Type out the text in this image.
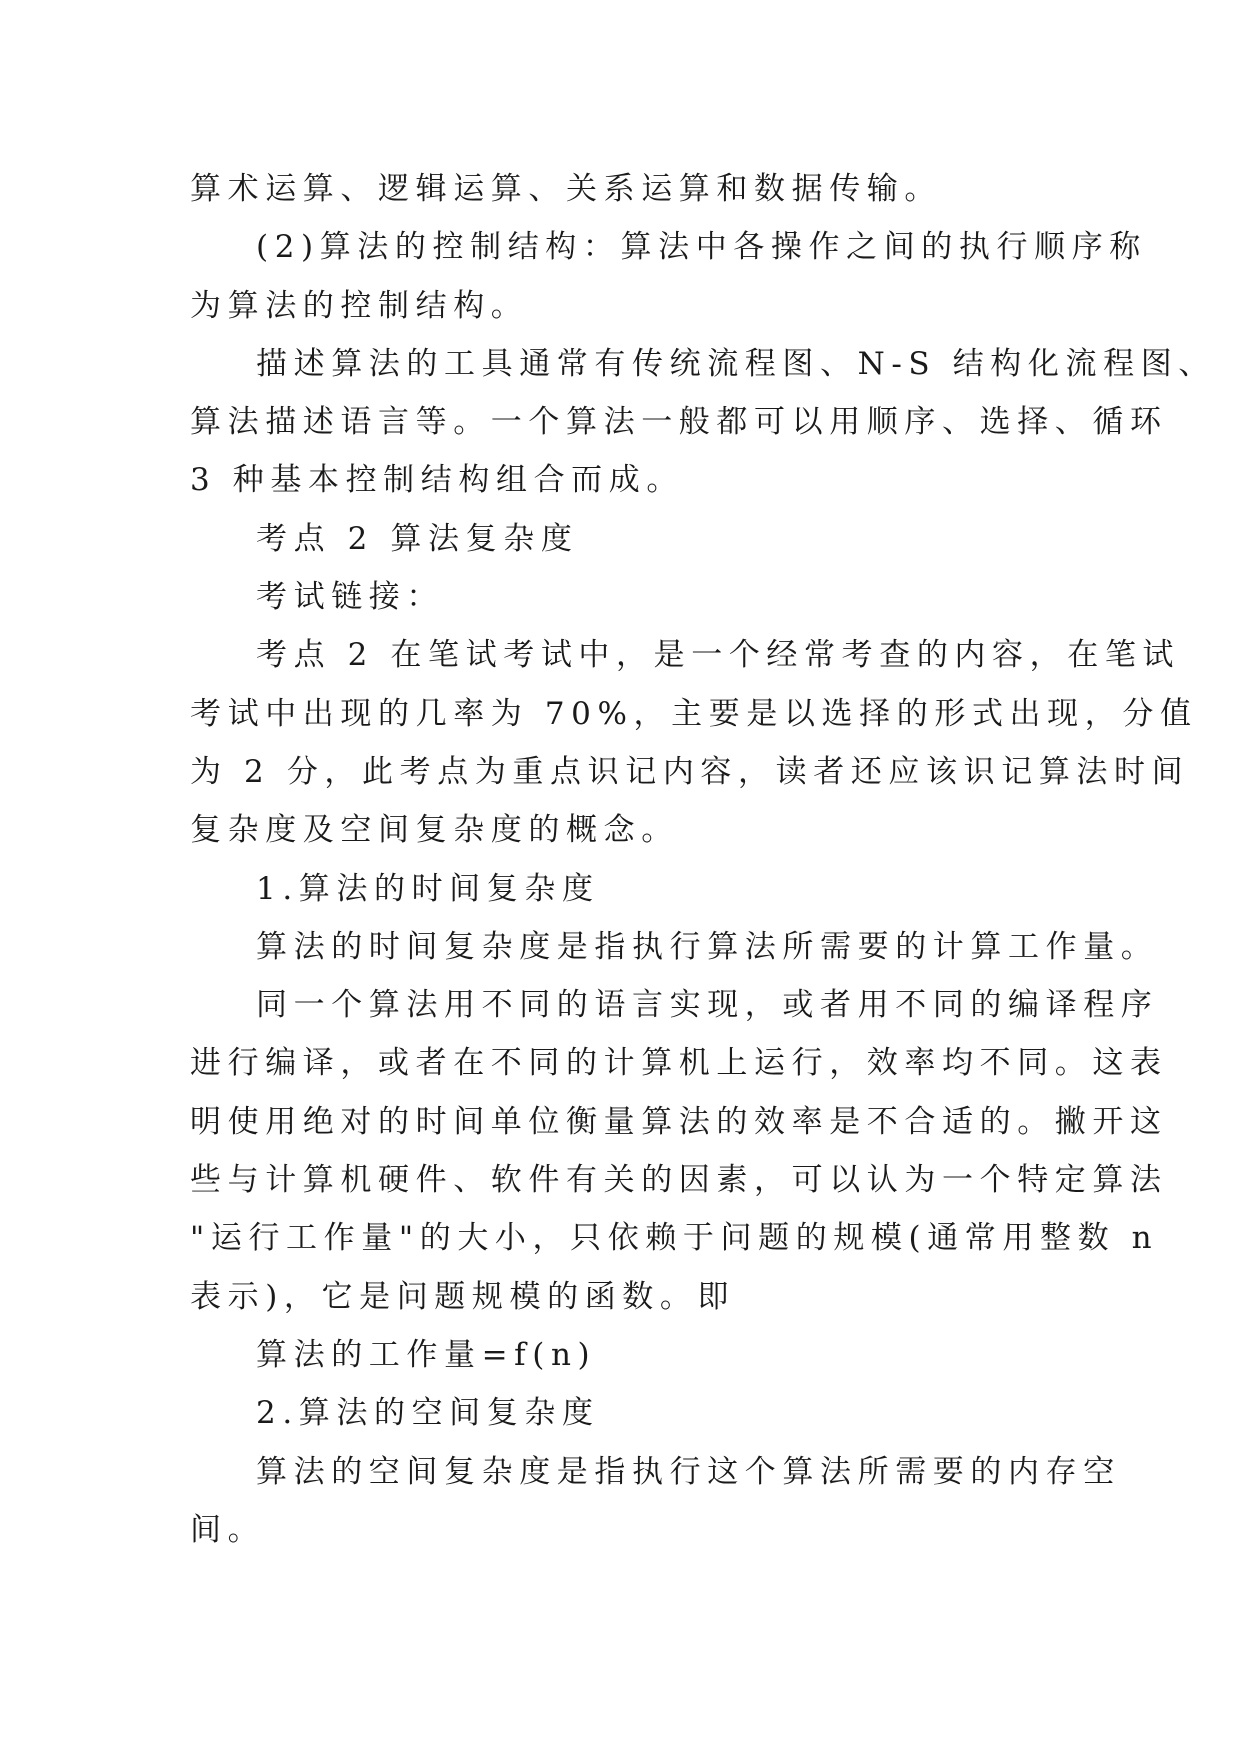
算术运算、逻辑运算、关系运算和数据传输。
(2)算法的控制结构：算法中各操作之间的执行顺序称
为算法的控制结构。
描述算法的工具通常有传统流程图、N-S 结构化流程图、
算法描述语言等。一个算法一般都可以用顺序、选择、循环
3 种基本控制结构组合而成。
考点 2 算法复杂度
考试链接：
考点 2 在笔试考试中，是一个经常考查的内容，在笔试
考试中出现的几率为 70%，主要是以选择的形式出现，分值
为 2 分，此考点为重点识记内容，读者还应该识记算法时间
复杂度及空间复杂度的概念。
1.算法的时间复杂度
算法的时间复杂度是指执行算法所需要的计算工作量。
同一个算法用不同的语言实现，或者用不同的编译程序
进行编译，或者在不同的计算机上运行，效率均不同。这表
明使用绝对的时间单位衡量算法的效率是不合适的。撇开这
些与计算机硬件、软件有关的因素，可以认为一个特定算法
"运行工作量"的大小，只依赖于问题的规模(通常用整数 n
表示)，它是问题规模的函数。即
算法的工作量=f(n)
2.算法的空间复杂度
算法的空间复杂度是指执行这个算法所需要的内存空
间。
